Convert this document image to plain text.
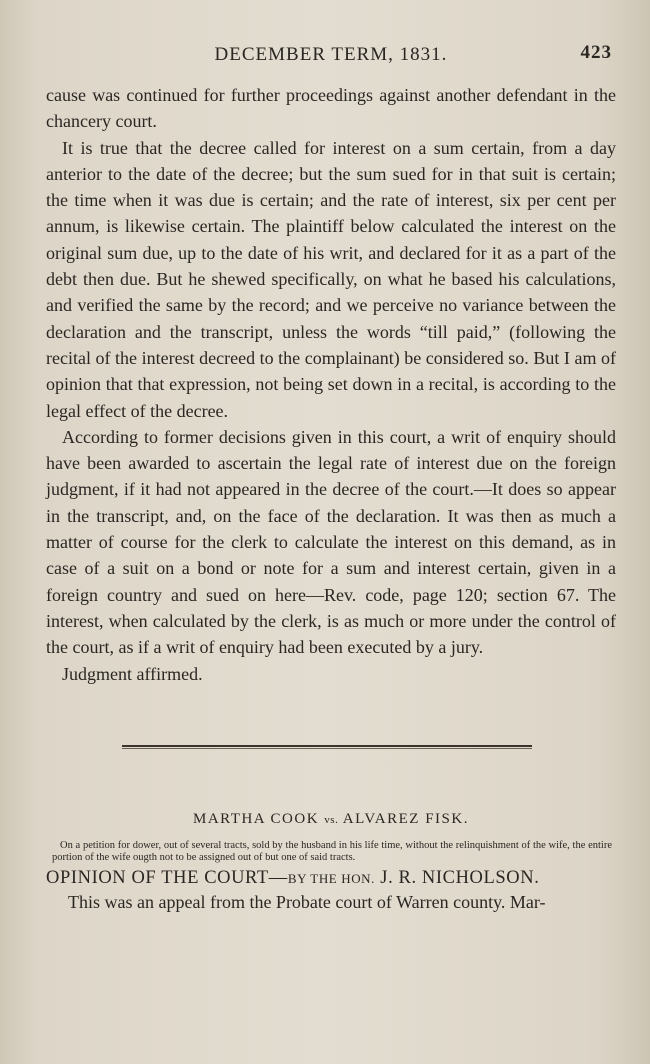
DECEMBER TERM, 1831.	423

cause was continued for further proceedings against another defendant in the chancery court.

It is true that the decree called for interest on a sum certain, from a day anterior to the date of the decree; but the sum sued for in that suit is certain; the time when it was due is certain; and the rate of interest, six per cent per annum, is likewise certain. The plaintiff below calculated the interest on the original sum due, up to the date of his writ, and declared for it as a part of the debt then due. But he shewed specifically, on what he based his calculations, and verified the same by the record; and we perceive no variance between the declaration and the transcript, unless the words “till paid,” (following the recital of the interest decreed to the complainant) be considered so. But I am of opinion that that expression, not being set down in a recital, is according to the legal effect of the decree.

According to former decisions given in this court, a writ of enquiry should have been awarded to ascertain the legal rate of interest due on the foreign judgment, if it had not appeared in the decree of the court.—It does so appear in the transcript, and, on the face of the declaration. It was then as much a matter of course for the clerk to calculate the interest on this demand, as in case of a suit on a bond or note for a sum and interest certain, given in a foreign country and sued on here—Rev. code, page 120; section 67. The interest, when calculated by the clerk, is as much or more under the control of the court, as if a writ of enquiry had been executed by a jury.

Judgment affirmed.

MARTHA COOK vs. ALVAREZ FISK.
On a petition for dower, out of several tracts, sold by the husband in his life time, without the relinquishment of the wife, the entire portion of the wife ougth not to be assigned out of but one of said tracts.
OPINION OF THE COURT—BY THE HON. J. R. NICHOLSON.
This was an appeal from the Probate court of Warren county. Mar-
